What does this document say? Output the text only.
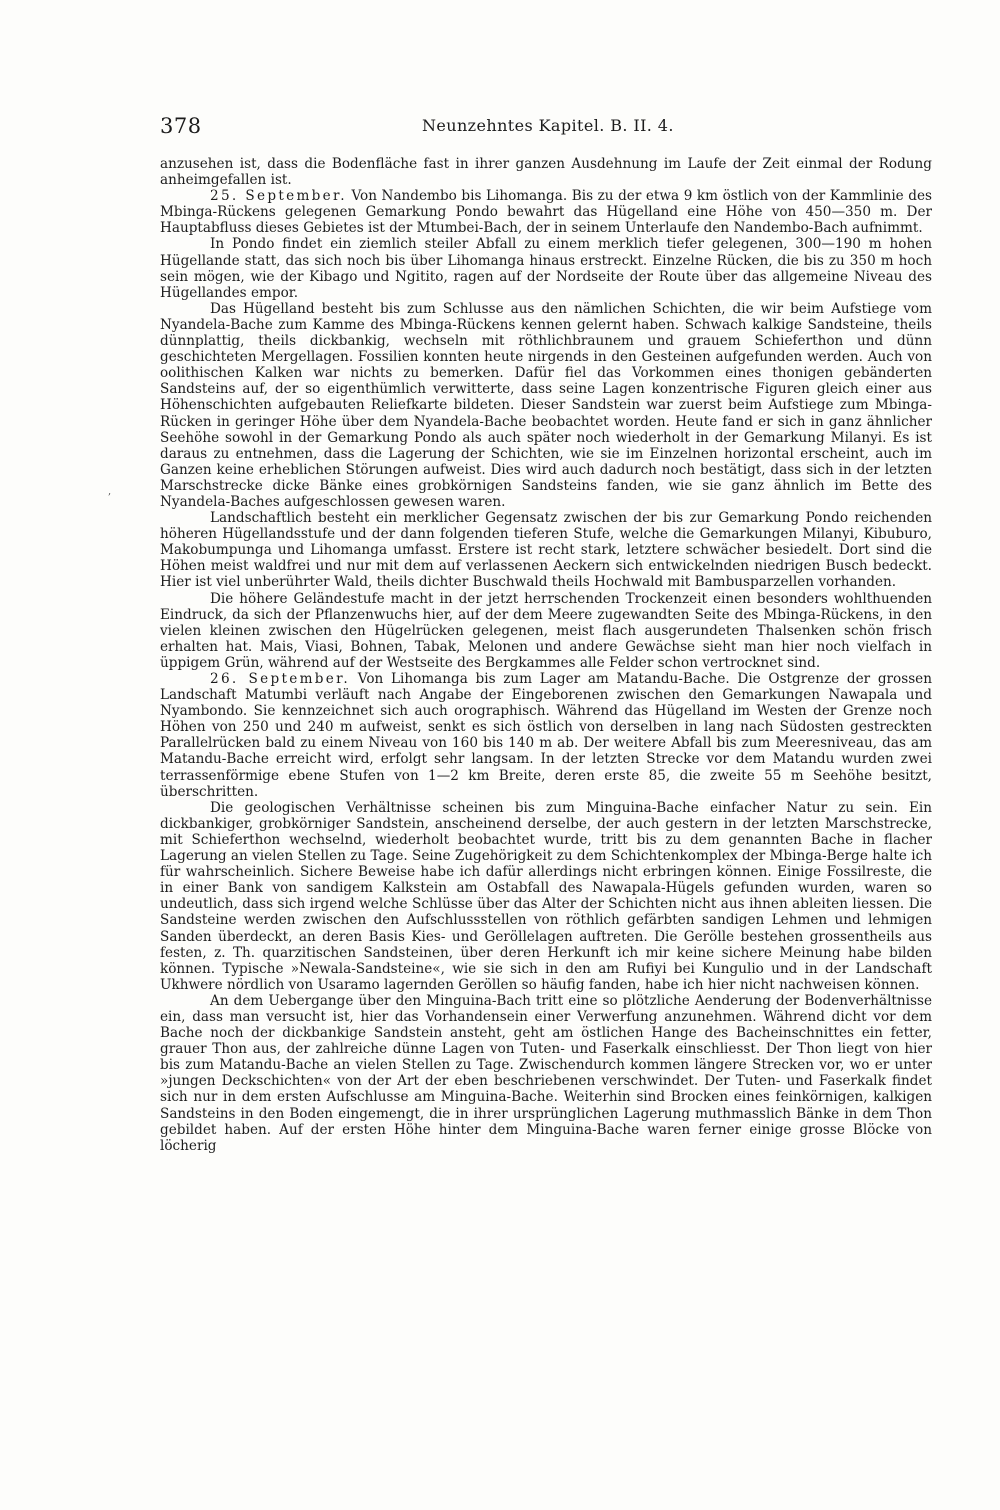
378	Neunzehntes Kapitel. B. II. 4.
,

anzusehen ist, dass die Bodenfläche fast in ihrer ganzen Ausdehnung im Laufe der Zeit einmal der Rodung anheimgefallen ist.

25. September. Von Nandembo bis Lihomanga. Bis zu der etwa 9 km östlich von der Kammlinie des Mbinga-Rückens gelegenen Gemarkung Pondo bewahrt das Hügelland eine Höhe von 450—350 m. Der Hauptabfluss dieses Gebietes ist der Mtumbei-Bach, der in seinem Unterlaufe den Nandembo-Bach aufnimmt.

In Pondo findet ein ziemlich steiler Abfall zu einem merklich tiefer gelegenen, 300—190 m hohen Hügellande statt, das sich noch bis über Lihomanga hinaus erstreckt. Einzelne Rücken, die bis zu 350 m hoch sein mögen, wie der Kibago und Ngitito, ragen auf der Nordseite der Route über das allgemeine Niveau des Hügellandes empor.

Das Hügelland besteht bis zum Schlusse aus den nämlichen Schichten, die wir beim Aufstiege vom Nyandela-Bache zum Kamme des Mbinga-Rückens kennen gelernt haben. Schwach kalkige Sandsteine, theils dünnplattig, theils dickbankig, wechseln mit röthlichbraunem und grauem Schieferthon und dünn geschichteten Mergellagen. Fossilien konnten heute nirgends in den Gesteinen aufgefunden werden. Auch von oolithischen Kalken war nichts zu bemerken. Dafür fiel das Vorkommen eines thonigen gebänderten Sandsteins auf, der so eigenthümlich verwitterte, dass seine Lagen konzentrische Figuren gleich einer aus Höhenschichten aufgebauten Reliefkarte bildeten. Dieser Sandstein war zuerst beim Aufstiege zum Mbinga-Rücken in geringer Höhe über dem Nyandela-Bache beobachtet worden. Heute fand er sich in ganz ähnlicher Seehöhe sowohl in der Gemarkung Pondo als auch später noch wiederholt in der Gemarkung Milanyi. Es ist daraus zu entnehmen, dass die Lagerung der Schichten, wie sie im Einzelnen horizontal erscheint, auch im Ganzen keine erheblichen Störungen aufweist. Dies wird auch dadurch noch bestätigt, dass sich in der letzten Marschstrecke dicke Bänke eines grobkörnigen Sandsteins fanden, wie sie ganz ähnlich im Bette des Nyandela-Baches aufgeschlossen gewesen waren.

Landschaftlich besteht ein merklicher Gegensatz zwischen der bis zur Gemarkung Pondo reichenden höheren Hügellandsstufe und der dann folgenden tieferen Stufe, welche die Gemarkungen Milanyi, Kibuburo, Makobumpunga und Lihomanga umfasst. Erstere ist recht stark, letztere schwächer besiedelt. Dort sind die Höhen meist waldfrei und nur mit dem auf verlassenen Aeckern sich entwickelnden niedrigen Busch bedeckt. Hier ist viel unberührter Wald, theils dichter Buschwald theils Hochwald mit Bambusparzellen vorhanden.

Die höhere Geländestufe macht in der jetzt herrschenden Trockenzeit einen besonders wohlthuenden Eindruck, da sich der Pflanzenwuchs hier, auf der dem Meere zugewandten Seite des Mbinga-Rückens, in den vielen kleinen zwischen den Hügelrücken gelegenen, meist flach ausgerundeten Thalsenken schön frisch erhalten hat. Mais, Viasi, Bohnen, Tabak, Melonen und andere Gewächse sieht man hier noch vielfach in üppigem Grün, während auf der Westseite des Bergkammes alle Felder schon vertrocknet sind.

26. September. Von Lihomanga bis zum Lager am Matandu-Bache. Die Ostgrenze der grossen Landschaft Matumbi verläuft nach Angabe der Eingeborenen zwischen den Gemarkungen Nawapala und Nyambondo. Sie kennzeichnet sich auch orographisch. Während das Hügelland im Westen der Grenze noch Höhen von 250 und 240 m aufweist, senkt es sich östlich von derselben in lang nach Südosten gestreckten Parallelrücken bald zu einem Niveau von 160 bis 140 m ab. Der weitere Abfall bis zum Meeresniveau, das am Matandu-Bache erreicht wird, erfolgt sehr langsam. In der letzten Strecke vor dem Matandu wurden zwei terrassenförmige ebene Stufen von 1—2 km Breite, deren erste 85, die zweite 55 m Seehöhe besitzt, überschritten.

Die geologischen Verhältnisse scheinen bis zum Minguina-Bache einfacher Natur zu sein. Ein dickbankiger, grobkörniger Sandstein, anscheinend derselbe, der auch gestern in der letzten Marschstrecke, mit Schieferthon wechselnd, wiederholt beobachtet wurde, tritt bis zu dem genannten Bache in flacher Lagerung an vielen Stellen zu Tage. Seine Zugehörigkeit zu dem Schichtenkomplex der Mbinga-Berge halte ich für wahrscheinlich. Sichere Beweise habe ich dafür allerdings nicht erbringen können. Einige Fossilreste, die in einer Bank von sandigem Kalkstein am Ostabfall des Nawapala-Hügels gefunden wurden, waren so undeutlich, dass sich irgend welche Schlüsse über das Alter der Schichten nicht aus ihnen ableiten liessen. Die Sandsteine werden zwischen den Aufschlussstellen von röthlich gefärbten sandigen Lehmen und lehmigen Sanden überdeckt, an deren Basis Kies- und Geröllelagen auftreten. Die Gerölle bestehen grossentheils aus festen, z. Th. quarzitischen Sandsteinen, über deren Herkunft ich mir keine sichere Meinung habe bilden können. Typische »Newala-Sandsteine«, wie sie sich in den am Rufiyi bei Kungulio und in der Landschaft Ukhwere nördlich von Usaramo lagernden Geröllen so häufig fanden, habe ich hier nicht nachweisen können.

An dem Uebergange über den Minguina-Bach tritt eine so plötzliche Aenderung der Bodenverhältnisse ein, dass man versucht ist, hier das Vorhandensein einer Verwerfung anzunehmen. Während dicht vor dem Bache noch der dickbankige Sandstein ansteht, geht am östlichen Hange des Bacheinschnittes ein fetter, grauer Thon aus, der zahlreiche dünne Lagen von Tuten- und Faserkalk einschliesst. Der Thon liegt von hier bis zum Matandu-Bache an vielen Stellen zu Tage. Zwischendurch kommen längere Strecken vor, wo er unter »jungen Deckschichten« von der Art der eben beschriebenen verschwindet. Der Tuten- und Faserkalk findet sich nur in dem ersten Aufschlusse am Minguina-Bache. Weiterhin sind Brocken eines feinkörnigen, kalkigen Sandsteins in den Boden eingemengt, die in ihrer ursprünglichen Lagerung muthmasslich Bänke in dem Thon gebildet haben. Auf der ersten Höhe hinter dem Minguina-Bache waren ferner einige grosse Blöcke von löcherig
